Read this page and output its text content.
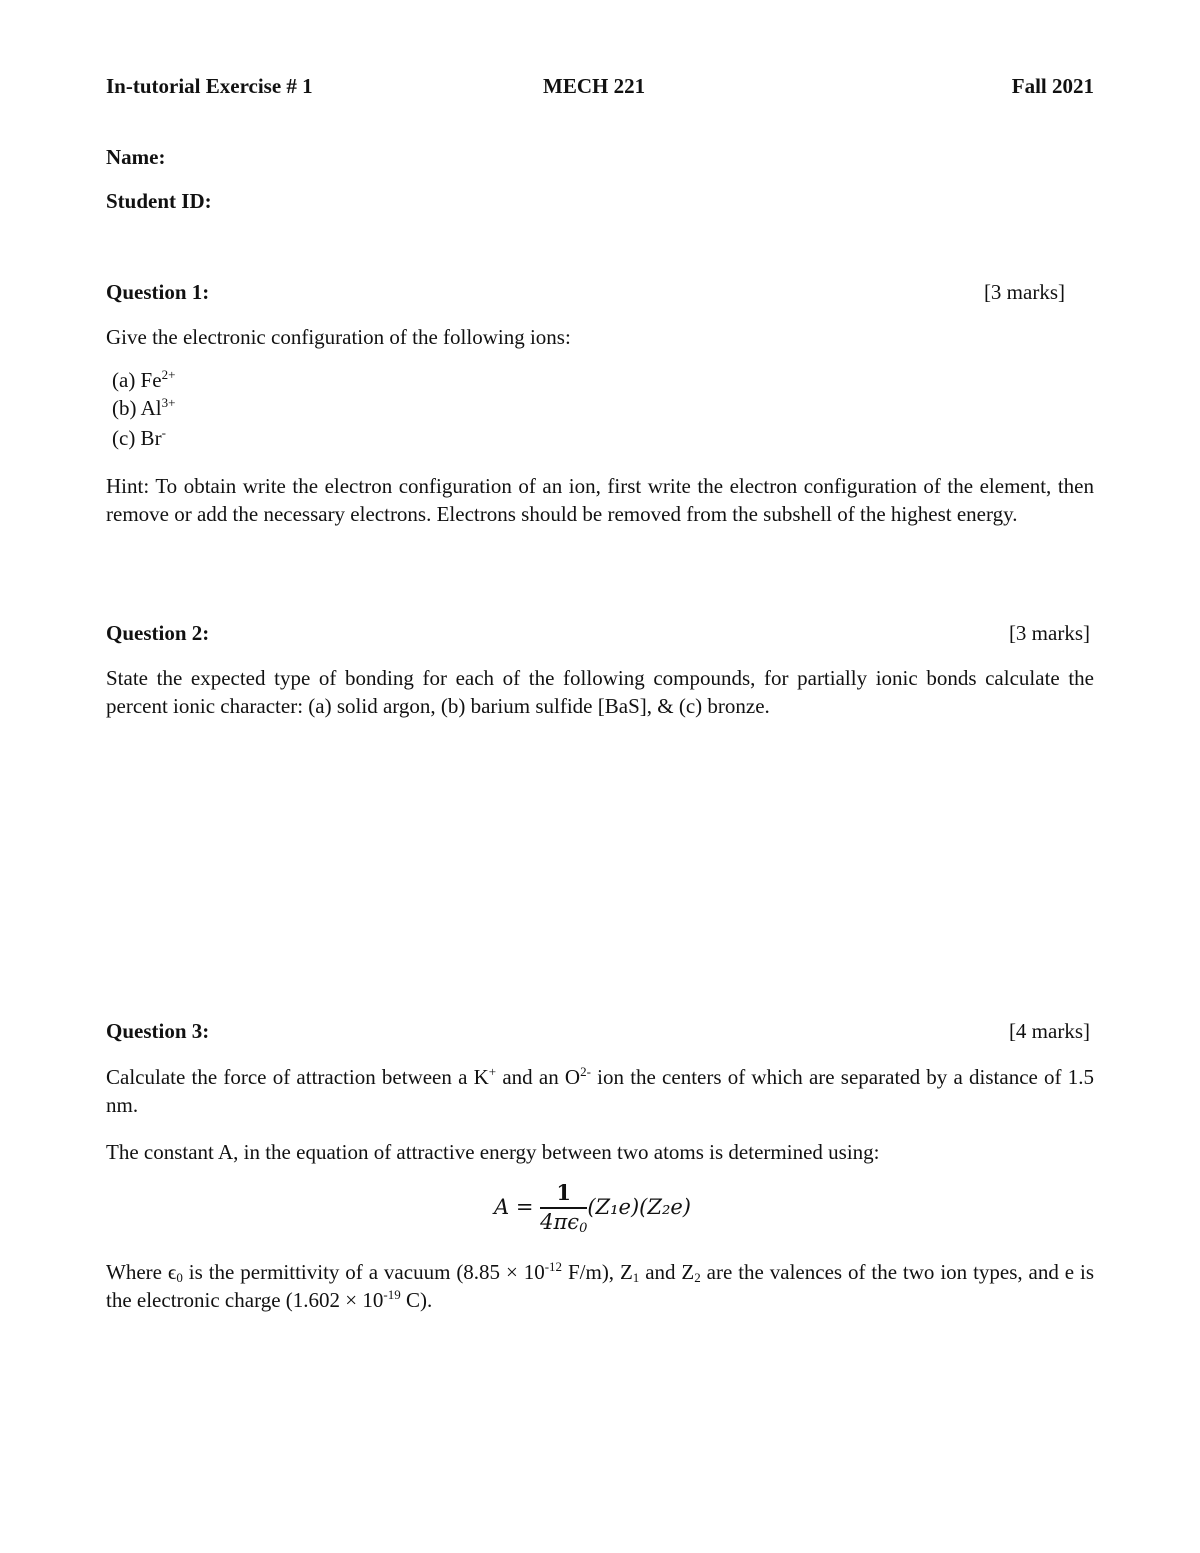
In-tutorial Exercise # 1	MECH 221	Fall 2021
Name:
Student ID:
Question 1:	[3 marks]
Give the electronic configuration of the following ions:
(a) $Fe^{2+}$
(b) $Al^{3+}$
(c) Br-
Hint: To obtain write the electron configuration of an ion, first write the electron configuration of the element, then remove or add the necessary electrons. Electrons should be removed from the subshell of the highest energy.
Question 2:	[3 marks]
State the expected type of bonding for each of the following compounds, for partially ionic bonds calculate the percent ionic character: (a) solid argon, (b) barium sulfide [BaS], & (c) bronze.
Question 3:	[4 marks]
Calculate the force of attraction between a K+ and an $O^{2-}$ ion the centers of which are separated by a distance of 1.5 nm.
The constant A, in the equation of attractive energy between two atoms is determined using:
$A = \frac{1}{4\pi\epsilon_0} (Z_1e)(Z_2e)$
Where $\epsilon_0$ is the permittivity of a vacuum ($8.85 \times 10^{-12}$ F/m), $Z_1$ and $Z_2$ are the valences of the two ion types, and e is the electronic charge ($1.602 \times 10^{-19}$ C).
